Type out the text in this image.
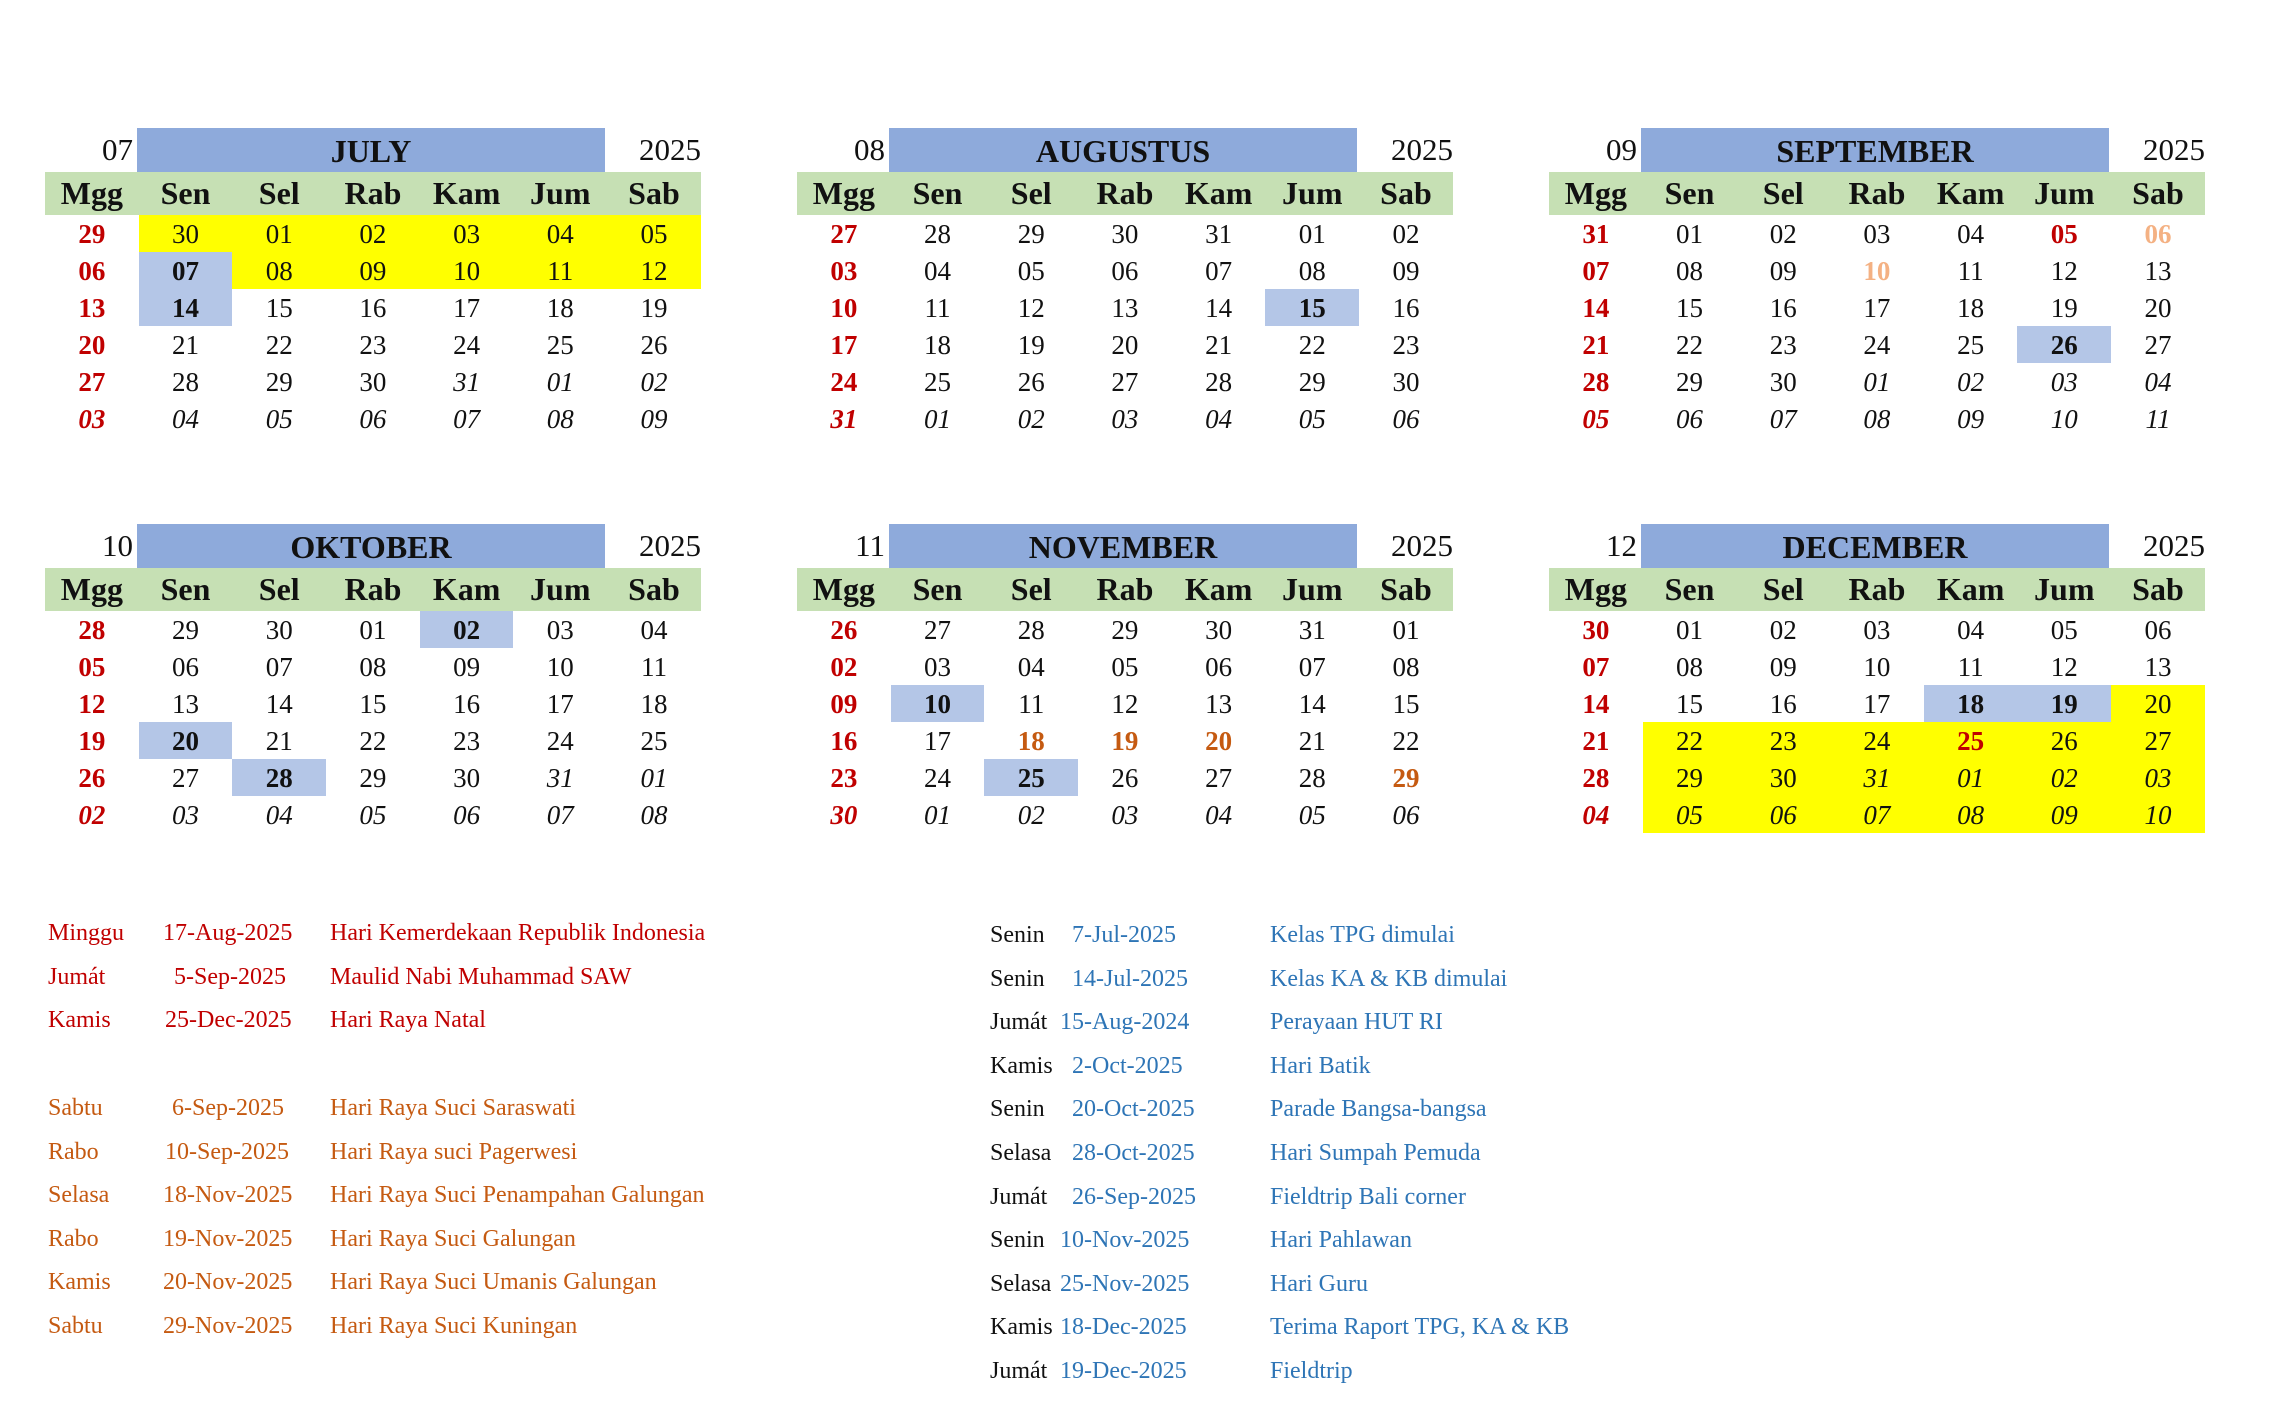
07	JULY	2025
Mgg	Sen	Sel	Rab Kam Jum	Sab
29	30	01	02	03	04	05
06	07	08	09	10	11	12
13	14	15	16	17	18	19
20	21	22	23	24	25	26
27	28	29	30	31	01	02
03	04	05	06	07	08	09
08	AUGUSTUS	2025
Mgg	Sen	Sel	Rab Kam Jum	Sab
27	28	29	30	31	01	02
03	04	05	06	07	08	09
10	11	12	13	14	15	16
17	18	19	20	21	22	23
24	25	26	27	28	29	30
31	01	02	03	04	05	06
09	SEPTEMBER	2025
Mgg	Sen	Sel	Rab Kam Jum	Sab
31	01	02	03	04	05	06
07	08	09	10	11	12	13
14	15	16	17	18	19	20
21	22	23	24	25	26	27
28	29	30	01	02	03	04
05	06	07	08	09	10	11
10	OKTOBER	2025
Mgg	Sen	Sel	Rab Kam Jum	Sab
28	29	30	01	02	03	04
05	06	07	08	09	10	11
12	13	14	15	16	17	18
19	20	21	22	23	24	25
26	27	28	29	30	31	01
02	03	04	05	06	07	08
11	NOVEMBER	2025
Mgg	Sen	Sel	Rab Kam Jum	Sab
26	27	28	29	30	31	01
02	03	04	05	06	07	08
09	10	11	12	13	14	15
16	17	18	19	20	21	22
23	24	25	26	27	28	29
30	01	02	03	04	05	06
12	DECEMBER	2025
Mgg	Sen	Sel	Rab Kam Jum	Sab
30	01	02	03	04	05	06
07	08	09	10	11	12	13
14	15	16	17	18	19	20
21	22	23	24	25	26	27
28	29	30	31	01	02	03
04	05	06	07	08	09	10
Minggu 17-Aug-2025 Hari Kemerdekaan Republik Indonesia
Jumát	5-Sep-2025 Maulid Nabi Muhammad SAW
Kamis 25-Dec-2025 Hari Raya Natal
Sabtu	6-Sep-2025 Hari Raya Suci Saraswati
Rabo	10-Sep-2025 Hari Raya suci Pagerwesi
Selasa 18-Nov-2025 Hari Raya Suci Penampahan Galungan
Rabo	19-Nov-2025 Hari Raya Suci Galungan
Kamis 20-Nov-2025 Hari Raya Suci Umanis Galungan
Sabtu	29-Nov-2025 Hari Raya Suci Kuningan
Senin 7-Jul-2025	Kelas TPG dimulai
Senin 14-Jul-2025	Kelas KA & KB dimulai
Jumát 15-Aug-2024	Perayaan HUT RI
Kamis 2-Oct-2025	Hari Batik
Senin 20-Oct-2025	Parade Bangsa-bangsa
Selasa 28-Oct-2025	Hari Sumpah Pemuda
Jumát 26-Sep-2025	Fieldtrip Bali corner
Senin 10-Nov-2025	Hari Pahlawan
Selasa 25-Nov-2025	Hari Guru
Kamis 18-Dec-2025	Terima Raport TPG, KA & KB
Jumát 19-Dec-2025	Fieldtrip
